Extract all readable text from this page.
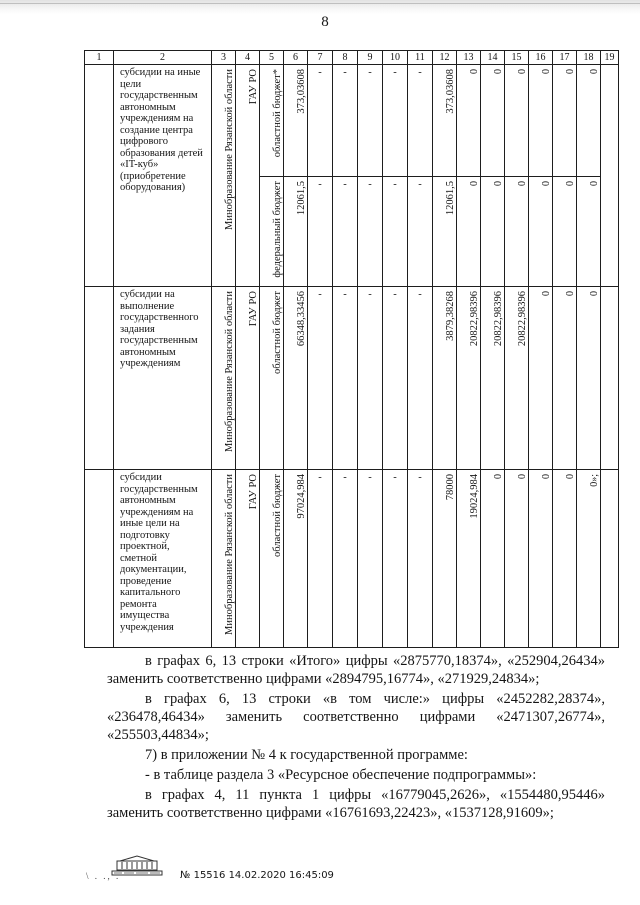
8
1	2	3	4	5	6	7	8	9	10	11	12	13	14	15	16	17	18	19

	субсидии на иные цели государственным автономным учреждениям на создание центра цифрового образования детей «IT-куб» (приобретение оборудования)	Минобразование Рязанской области	ГАУ РО	областной бюджет*	373,03608	-	-	-	-	-	373,03608	0	0	0	0	0	0	

				федеральный бюджет	12061,5	-	-	-	-	-	12061,5	0	0	0	0	0	0	

	субсидии на выполнение государственного задания государственным автономным учреждениям	Минобразование Рязанской области	ГАУ РО	областной бюджет	66348,33456	-	-	-	-	-	3879,38268	20822,98396	20822,98396	20822,98396	0	0	0	

	субсидии государственным автономным учреждениям на иные цели на подготовку проектной, сметной документации, проведение капитального ремонта имущества учреждения	Минобразование Рязанской области	ГАУ РО	областной бюджет	97024,984	-	-	-	-	-	78000	19024,984	0	0	0	0	0»;	

в графах 6, 13 строки «Итого» цифры «2875770,18374», «252904,26434» заменить соответственно цифрами «2894795,16774», «271929,24834»;

в графах 6, 13 строки «в том числе:» цифры «2452282,28374», «236478,46434» заменить соответственно цифрами «2471307,26774», «255503,44834»;

7) в приложении № 4 к государственной программе:

- в таблице раздела 3 «Ресурсное обеспечение подпрограммы»:

в графах 4, 11 пункта 1 цифры «16779045,2626», «1554480,95446» заменить соответственно цифрами «16761693,22423», «1537128,91609»;

\ . ., .	№ 15516 14.02.2020 16:45:09
